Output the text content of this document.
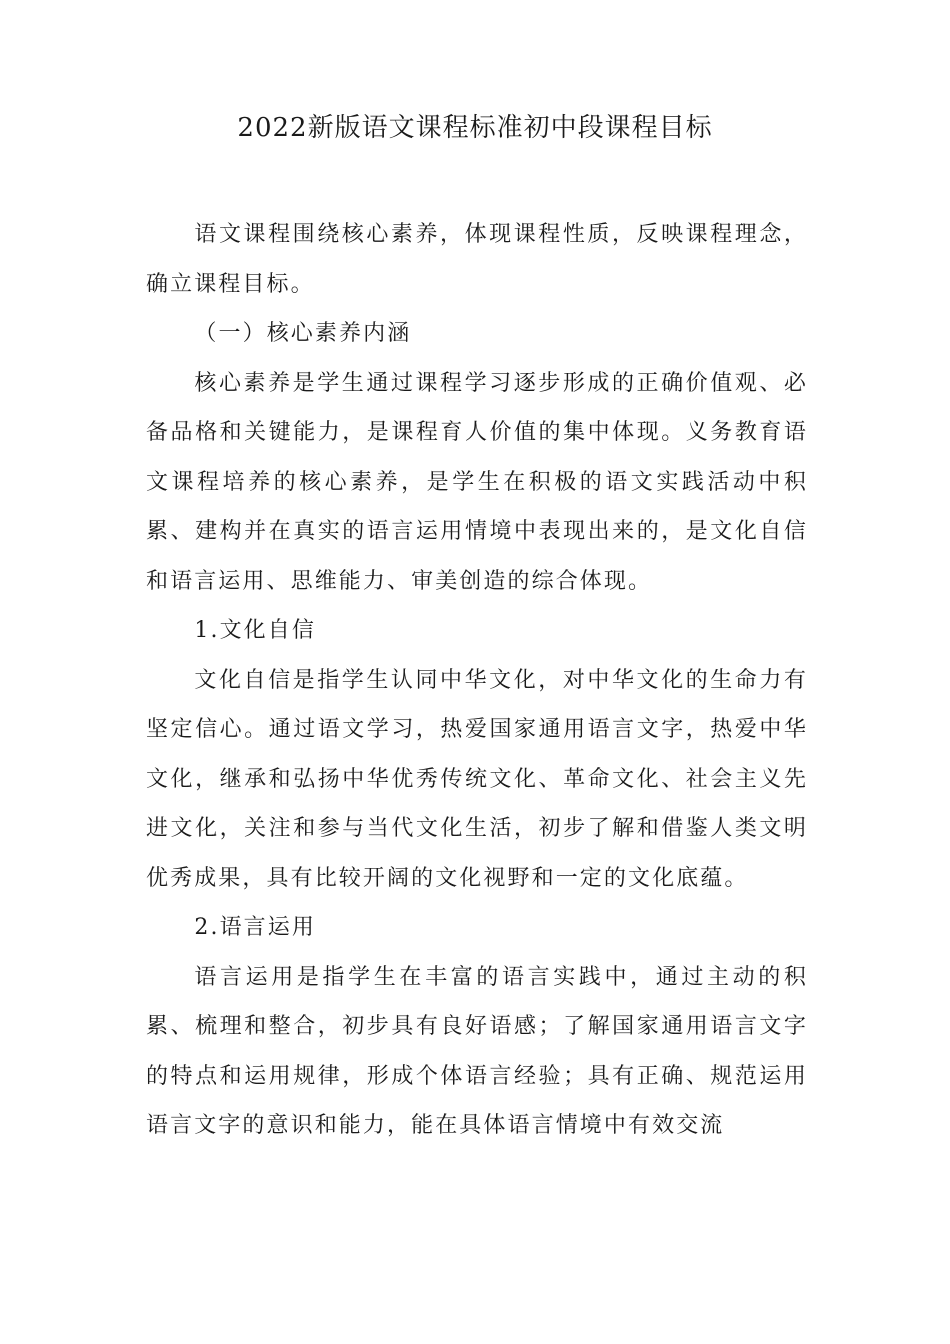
2022新版语文课程标准初中段课程目标

语文课程围绕核心素养，体现课程性质，反映课程理念，确立课程目标。

（一）核心素养内涵

核心素养是学生通过课程学习逐步形成的正确价值观、必备品格和关键能力，是课程育人价值的集中体现。义务教育语文课程培养的核心素养，是学生在积极的语文实践活动中积累、建构并在真实的语言运用情境中表现出来的，是文化自信和语言运用、思维能力、审美创造的综合体现。

1.文化自信

文化自信是指学生认同中华文化，对中华文化的生命力有坚定信心。通过语文学习，热爱国家通用语言文字，热爱中华文化，继承和弘扬中华优秀传统文化、革命文化、社会主义先进文化，关注和参与当代文化生活，初步了解和借鉴人类文明优秀成果，具有比较开阔的文化视野和一定的文化底蕴。

2.语言运用

语言运用是指学生在丰富的语言实践中，通过主动的积累、梳理和整合，初步具有良好语感；了解国家通用语言文字的特点和运用规律，形成个体语言经验；具有正确、规范运用语言文字的意识和能力，能在具体语言情境中有效交流
